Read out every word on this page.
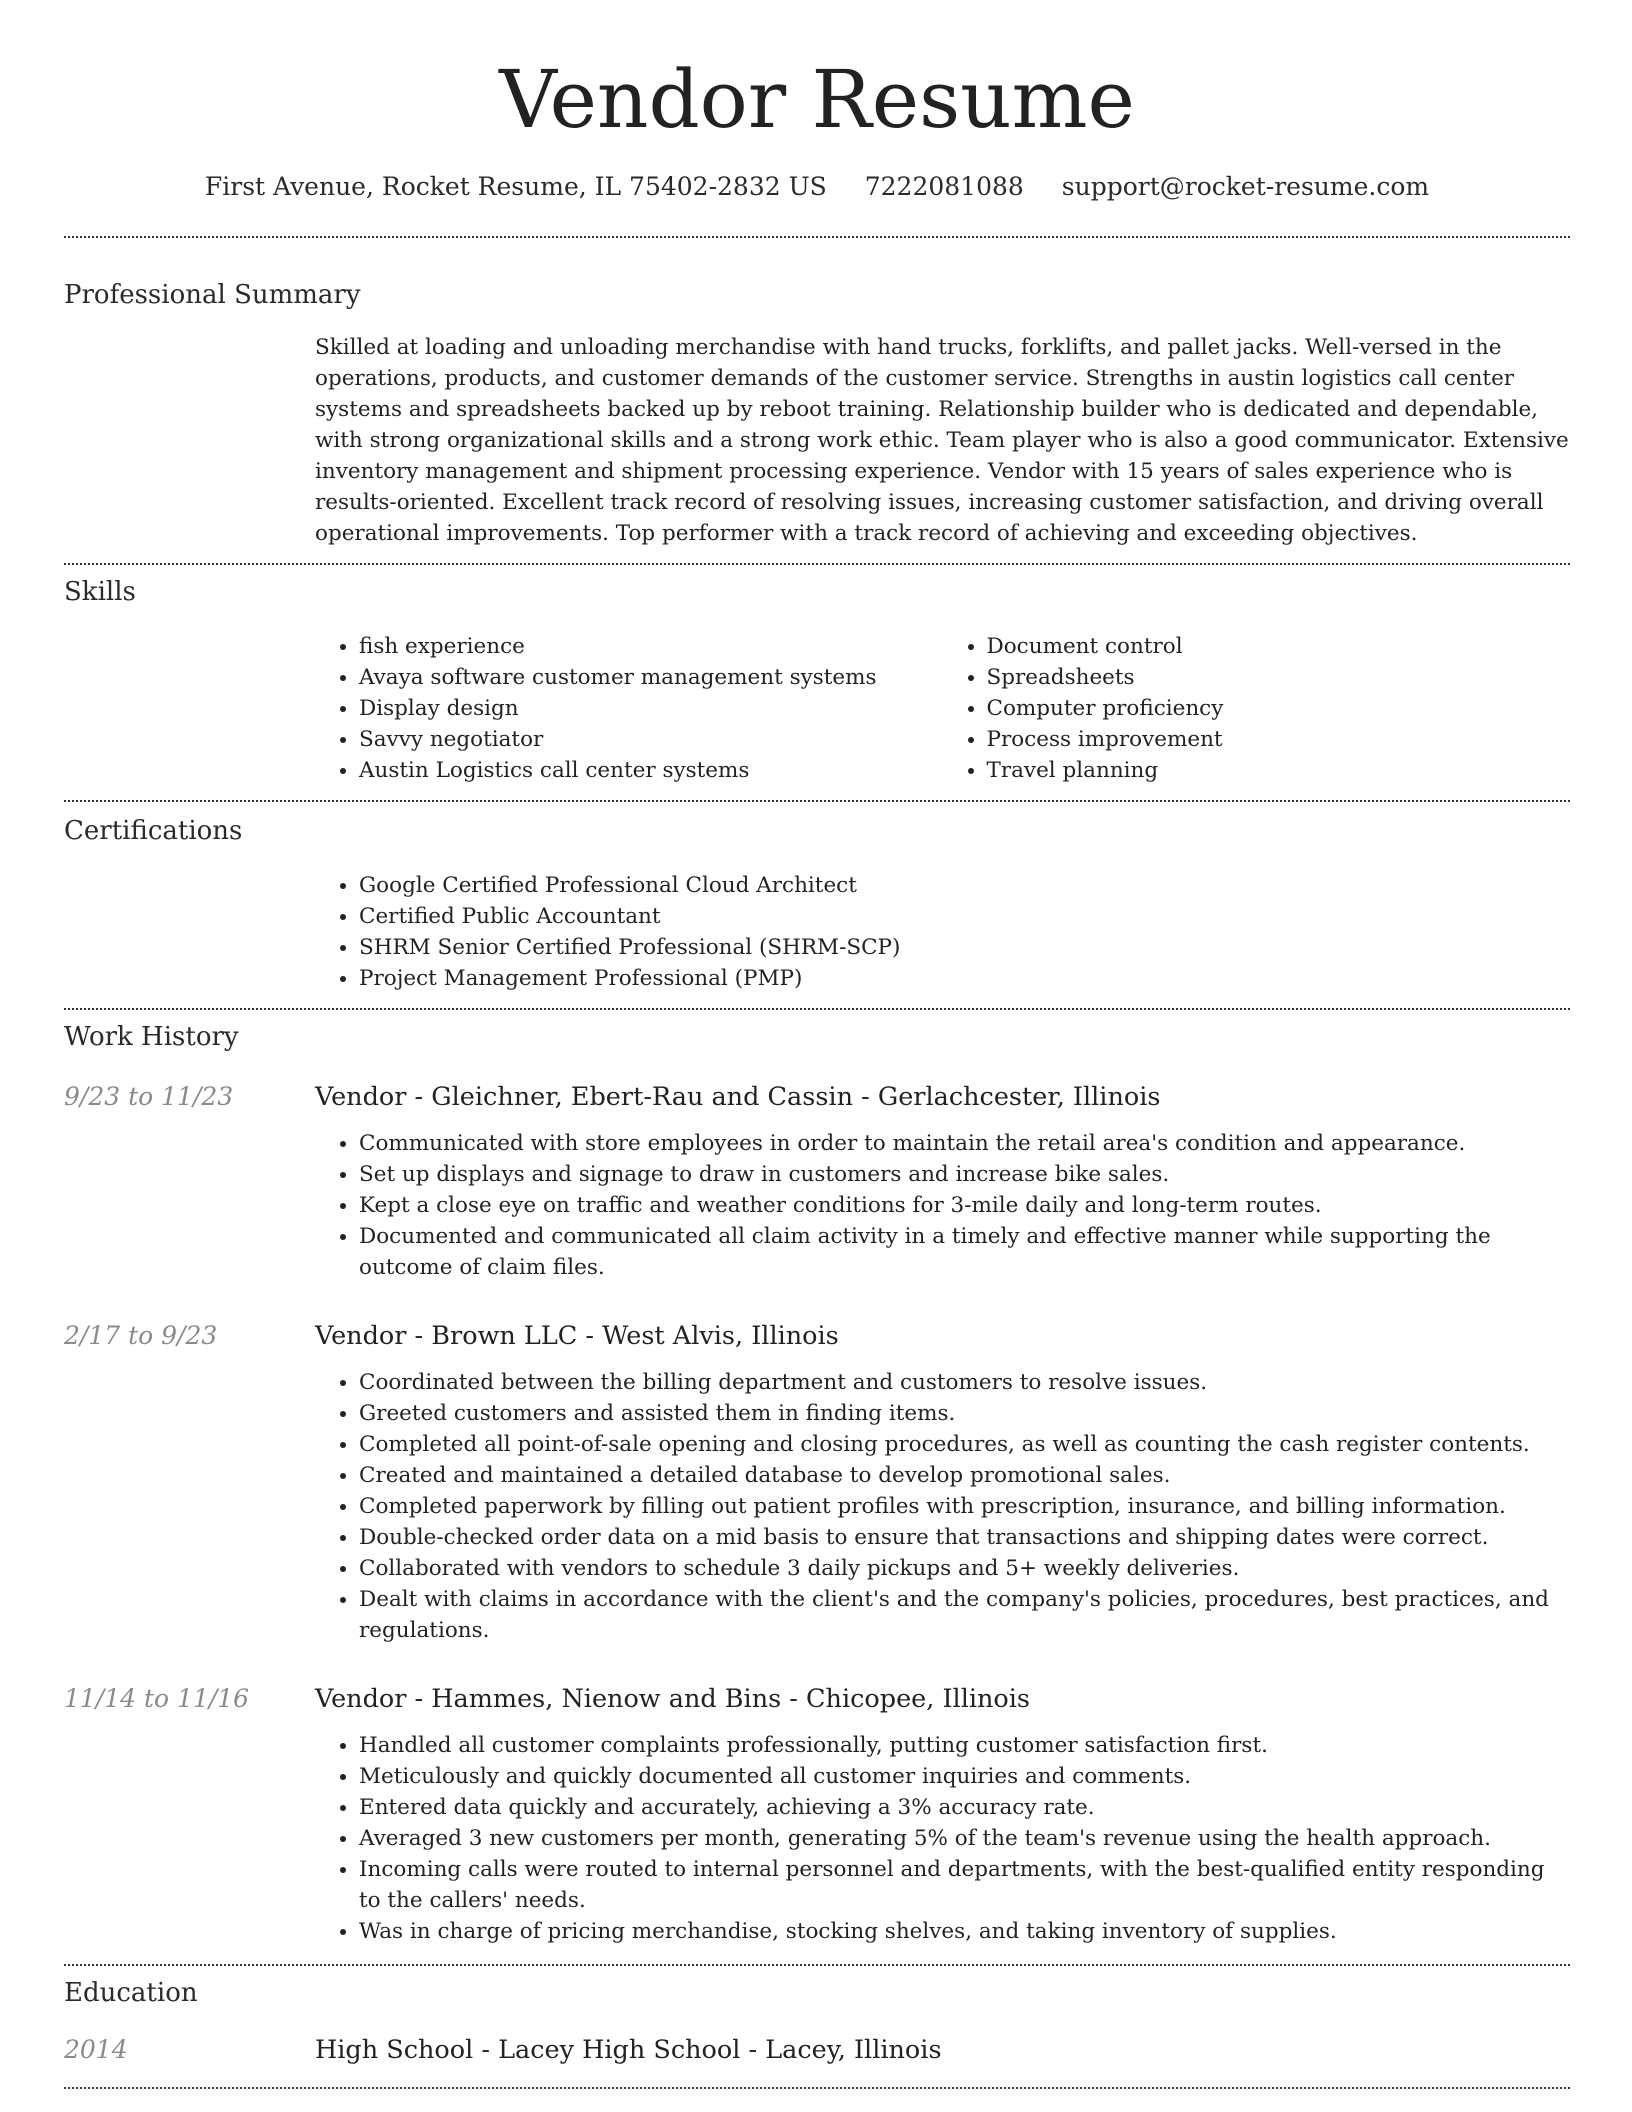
Vendor Resume
First Avenue, Rocket Resume, IL 75402-2832 US 7222081088 support@rocket-resume.com
Professional Summary
Skilled at loading and unloading merchandise with hand trucks, forklifts, and pallet jacks. Well-versed in the operations, products, and customer demands of the customer service. Strengths in austin logistics call center systems and spreadsheets backed up by reboot training. Relationship builder who is dedicated and dependable, with strong organizational skills and a strong work ethic. Team player who is also a good communicator. Extensive inventory management and shipment processing experience. Vendor with 15 years of sales experience who is results-oriented. Excellent track record of resolving issues, increasing customer satisfaction, and driving overall operational improvements. Top performer with a track record of achieving and exceeding objectives.
Skills
• fish experience
• Avaya software customer management systems
• Display design
• Savvy negotiator
• Austin Logistics call center systems
• Document control
• Spreadsheets
• Computer proficiency
• Process improvement
• Travel planning
Certifications
• Google Certified Professional Cloud Architect
• Certified Public Accountant
• SHRM Senior Certified Professional (SHRM-SCP)
• Project Management Professional (PMP)
Work History
9/23 to 11/23	Vendor - Gleichner, Ebert-Rau and Cassin - Gerlachcester, Illinois
• Communicated with store employees in order to maintain the retail area's condition and appearance.
• Set up displays and signage to draw in customers and increase bike sales.
• Kept a close eye on traffic and weather conditions for 3-mile daily and long-term routes.
• Documented and communicated all claim activity in a timely and effective manner while supporting the outcome of claim files.
2/17 to 9/23	Vendor - Brown LLC - West Alvis, Illinois
• Coordinated between the billing department and customers to resolve issues.
• Greeted customers and assisted them in finding items.
• Completed all point-of-sale opening and closing procedures, as well as counting the cash register contents.
• Created and maintained a detailed database to develop promotional sales.
• Completed paperwork by filling out patient profiles with prescription, insurance, and billing information.
• Double-checked order data on a mid basis to ensure that transactions and shipping dates were correct.
• Collaborated with vendors to schedule 3 daily pickups and 5+ weekly deliveries.
• Dealt with claims in accordance with the client's and the company's policies, procedures, best practices, and regulations.
11/14 to 11/16	Vendor - Hammes, Nienow and Bins - Chicopee, Illinois
• Handled all customer complaints professionally, putting customer satisfaction first.
• Meticulously and quickly documented all customer inquiries and comments.
• Entered data quickly and accurately, achieving a 3% accuracy rate.
• Averaged 3 new customers per month, generating 5% of the team's revenue using the health approach.
• Incoming calls were routed to internal personnel and departments, with the best-qualified entity responding to the callers' needs.
• Was in charge of pricing merchandise, stocking shelves, and taking inventory of supplies.
Education
2014	High School - Lacey High School - Lacey, Illinois
